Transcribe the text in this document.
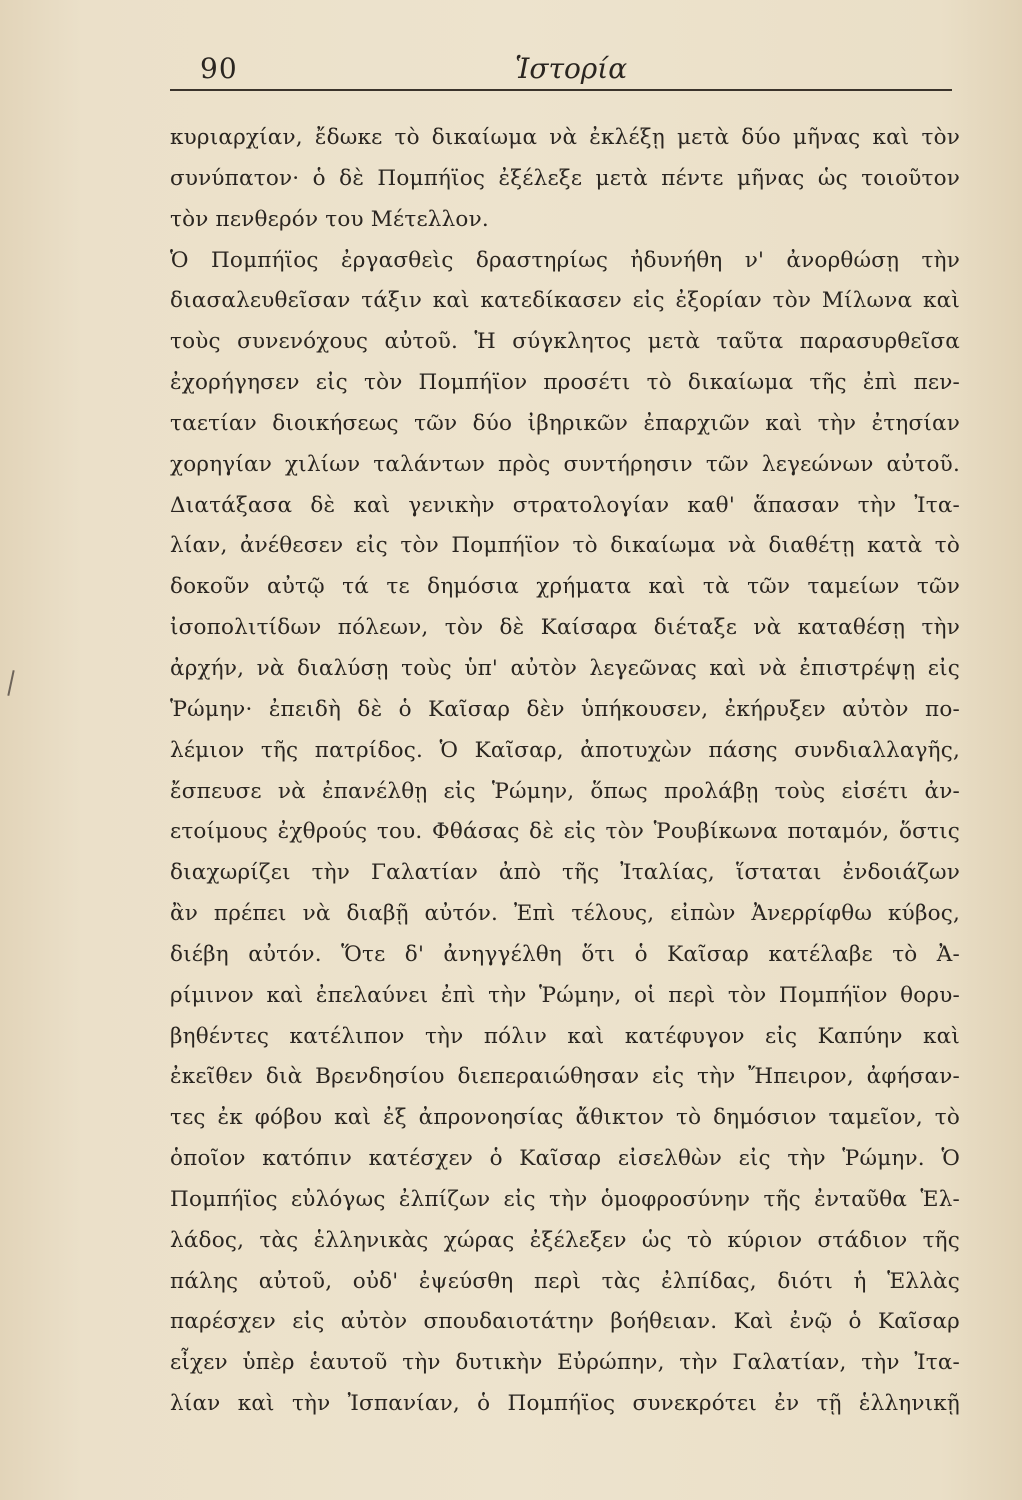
90	Ἱστορία
κυριαρχίαν, ἔδωκε τὸ δικαίωμα νὰ ἐκλέξῃ μετὰ δύο μῆνας καὶ τὸν
συνύπατον· ὁ δὲ Πομπήϊος ἐξέλεξε μετὰ πέντε μῆνας ὡς τοιοῦτον
τὸν πενθερόν του Μέτελλον.
Ὁ Πομπήϊος ἐργασθεὶς δραστηρίως ἠδυνήθη ν' ἀνορθώσῃ τὴν
διασαλευθεῖσαν τάξιν καὶ κατεδίκασεν εἰς ἐξορίαν τὸν Μίλωνα καὶ
τοὺς συνενόχους αὐτοῦ. Ἡ σύγκλητος μετὰ ταῦτα παρασυρθεῖσα
ἐχορήγησεν εἰς τὸν Πομπήϊον προσέτι τὸ δικαίωμα τῆς ἐπὶ πεν-
ταετίαν διοικήσεως τῶν δύο ἰβηρικῶν ἐπαρχιῶν καὶ τὴν ἐτησίαν
χορηγίαν χιλίων ταλάντων πρὸς συντήρησιν τῶν λεγεώνων αὐτοῦ.
Διατάξασα δὲ καὶ γενικὴν στρατολογίαν καθ' ἅπασαν τὴν Ἰτα-
λίαν, ἀνέθεσεν εἰς τὸν Πομπήϊον τὸ δικαίωμα νὰ διαθέτῃ κατὰ τὸ
δοκοῦν αὐτῷ τά τε δημόσια χρήματα καὶ τὰ τῶν ταμείων τῶν
ἰσοπολιτίδων πόλεων, τὸν δὲ Καίσαρα διέταξε νὰ καταθέσῃ τὴν
ἀρχήν, νὰ διαλύσῃ τοὺς ὑπ' αὐτὸν λεγεῶνας καὶ νὰ ἐπιστρέψῃ εἰς
Ῥώμην· ἐπειδὴ δὲ ὁ Καῖσαρ δὲν ὑπήκουσεν, ἐκήρυξεν αὐτὸν πο-
λέμιον τῆς πατρίδος. Ὁ Καῖσαρ, ἀποτυχὼν πάσης συνδιαλλαγῆς,
ἔσπευσε νὰ ἐπανέλθῃ εἰς Ῥώμην, ὅπως προλάβῃ τοὺς εἰσέτι ἀν-
ετοίμους ἐχθρούς του. Φθάσας δὲ εἰς τὸν Ῥουβίκωνα ποταμόν, ὅστις
διαχωρίζει τὴν Γαλατίαν ἀπὸ τῆς Ἰταλίας, ἵσταται ἐνδοιάζων
ἂν πρέπει νὰ διαβῇ αὐτόν. Ἐπὶ τέλους, εἰπὼν Ἀνερρίφθω κύβος,
διέβη αὐτόν. Ὅτε δ' ἀνηγγέλθη ὅτι ὁ Καῖσαρ κατέλαβε τὸ Ἀ-
ρίμινον καὶ ἐπελαύνει ἐπὶ τὴν Ῥώμην, οἱ περὶ τὸν Πομπήϊον θορυ-
βηθέντες κατέλιπον τὴν πόλιν καὶ κατέφυγον εἰς Καπύην καὶ
ἐκεῖθεν διὰ Βρενδησίου διεπεραιώθησαν εἰς τὴν Ἤπειρον, ἀφήσαν-
τες ἐκ φόβου καὶ ἐξ ἀπρονοησίας ἄθικτον τὸ δημόσιον ταμεῖον, τὸ
ὁποῖον κατόπιν κατέσχεν ὁ Καῖσαρ εἰσελθὼν εἰς τὴν Ῥώμην. Ὁ
Πομπήϊος εὐλόγως ἐλπίζων εἰς τὴν ὁμοφροσύνην τῆς ἐνταῦθα Ἑλ-
λάδος, τὰς ἑλληνικὰς χώρας ἐξέλεξεν ὡς τὸ κύριον στάδιον τῆς
πάλης αὐτοῦ, οὐδ' ἐψεύσθη περὶ τὰς ἐλπίδας, διότι ἡ Ἑλλὰς
παρέσχεν εἰς αὐτὸν σπουδαιοτάτην βοήθειαν. Καὶ ἐνῷ ὁ Καῖσαρ
εἶχεν ὑπὲρ ἑαυτοῦ τὴν δυτικὴν Εὐρώπην, τὴν Γαλατίαν, τὴν Ἰτα-
λίαν καὶ τὴν Ἰσπανίαν, ὁ Πομπήϊος συνεκρότει ἐν τῇ ἑλληνικῇ
